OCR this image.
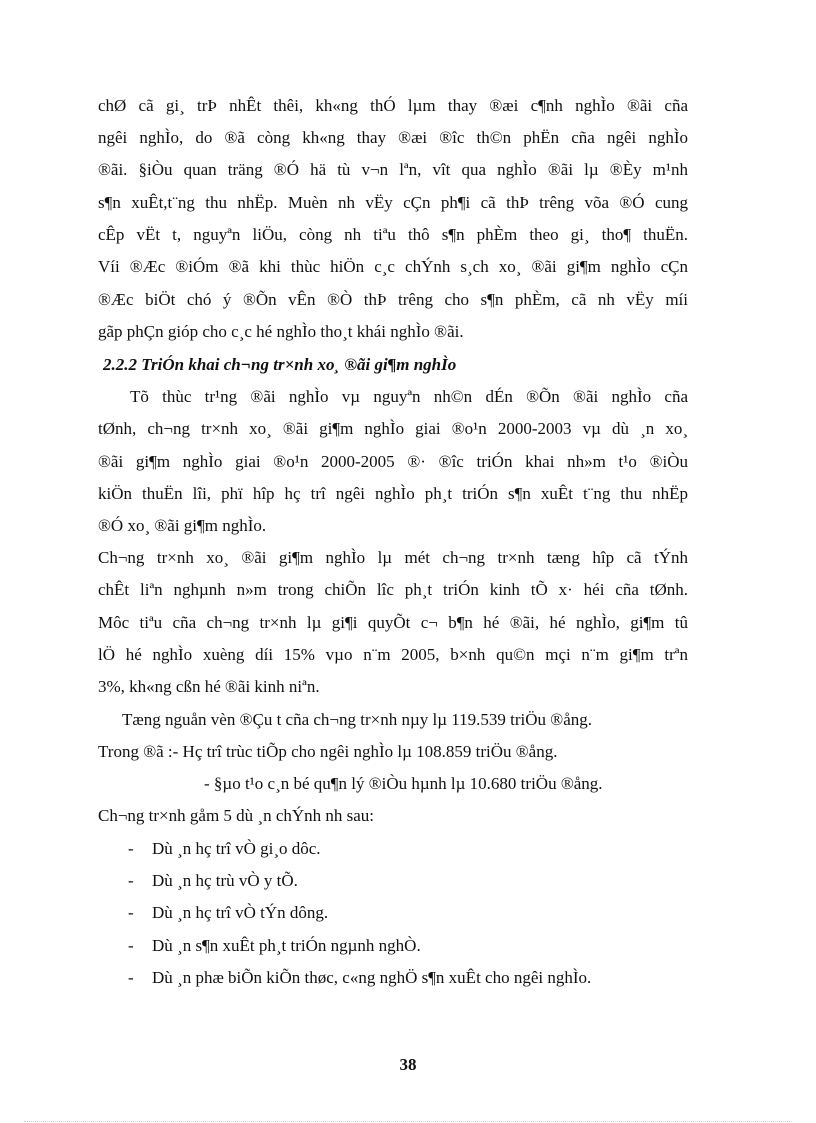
chØ cã gi¸ trÞ nhÊt thêi, kh«ng thÓ lµm thay ®æi c¶nh nghÌo ®ãi cña
ngêi nghÌo, do ®ã còng kh«ng thay ®æi ®îc th©n phËn cña ngêi nghÌo
®ãi. §iÒu quan träng ®Ó hä tù v¬n lªn, vît qua nghÌo ®ãi lµ ®Èy m¹nh
s¶n xuÊt,t¨ng thu nhËp. Muèn nh vËy cÇn ph¶i cã thÞ trêng võa ®Ó cung
cÊp vËt t, nguyªn liÖu, còng nh tiªu thô s¶n phÈm theo gi¸ tho¶ thuËn.
Víi ®Æc ®iÓm ®ã khi thùc hiÖn c¸c chÝnh s¸ch xo¸ ®ãi gi¶m nghÌo cÇn
®Æc biÖt chó ý ®Õn vÊn ®Ò thÞ trêng cho s¶n phÈm, cã nh vËy míi
gãp phÇn gióp cho c¸c hé nghÌo tho¸t khái nghÌo ®ãi.
2.2.2 TriÓn khai ch¬ng tr×nh xo¸ ®ãi gi¶m nghÌo
Tõ thùc tr¹ng ®ãi nghÌo vµ nguyªn nh©n dÉn ®Õn ®ãi nghÌo cña
tØnh, ch¬ng tr×nh xo¸ ®ãi gi¶m nghÌo giai ®o¹n 2000-2003 vµ dù ¸n xo¸
®ãi gi¶m nghÌo giai ®o¹n 2000-2005 ®· ®îc triÓn khai nh»m t¹o ®iÒu
kiÖn thuËn lîi, phï hîp hç trî ngêi nghÌo ph¸t triÓn s¶n xuÊt t¨ng thu nhËp
®Ó xo¸ ®ãi gi¶m nghÌo.
Ch¬ng tr×nh xo¸ ®ãi gi¶m nghÌo lµ mét ch¬ng tr×nh tæng hîp cã tÝnh
chÊt liªn nghµnh n»m trong chiÕn lîc ph¸t triÓn kinh tÕ x· héi cña tØnh.
Môc tiªu cña ch¬ng tr×nh lµ gi¶i quyÕt c¬ b¶n hé ®ãi, hé nghÌo, gi¶m tû
lÖ hé nghÌo xuèng díi 15% vµo n¨m 2005, b×nh qu©n mçi n¨m gi¶m trªn
3%, kh«ng cßn hé ®ãi kinh niªn.
Tæng nguån vèn ®Çu t cña ch¬ng tr×nh nµy lµ 119.539 triÖu ®ång.
Trong ®ã :- Hç trî trùc tiÕp cho ngêi nghÌo lµ 108.859 triÖu ®ång.
- §µo t¹o c¸n bé qu¶n lý ®iÒu hµnh lµ 10.680 triÖu ®ång.
Ch¬ng tr×nh gåm 5 dù ¸n chÝnh nh sau:
-	Dù ¸n hç trî vÒ gi¸o dôc.
-	Dù ¸n hç trù vÒ y tÕ.
-	Dù ¸n hç trî vÒ tÝn dông.
-	Dù ¸n s¶n xuÊt ph¸t triÓn ngµnh nghÒ.
-	Dù ¸n phæ biÕn kiÕn thøc, c«ng nghÖ s¶n xuÊt cho ngêi nghÌo.
38
